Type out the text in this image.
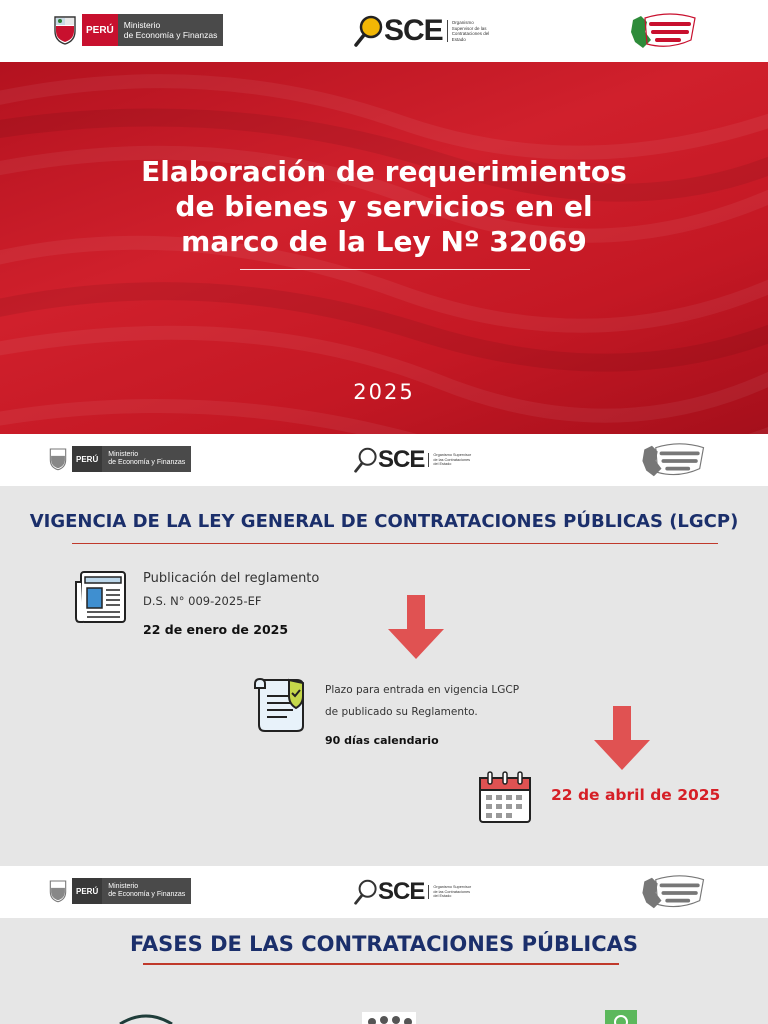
PERÚ	Ministerio
de Economía y Finanzas	SCE	Organismo Supervisor de las Contrataciones del Estado
Elaboración de requerimientos
de bienes y servicios en el
marco de la Ley Nº 32069
2025
PERÚ	Ministerio
de Economía y Finanzas	SCE	Organismo Supervisor de las Contrataciones del Estado
VIGENCIA DE LA LEY GENERAL DE CONTRATACIONES PÚBLICAS (LGCP)
Publicación del reglamento
D.S. N° 009-2025-EF
22 de enero de 2025
Plazo para entrada en vigencia LGCP
de publicado su Reglamento.
90 días calendario
22 de abril de 2025
PERÚ	Ministerio
de Economía y Finanzas	SCE	Organismo Supervisor de las Contrataciones del Estado
FASES DE LAS CONTRATACIONES PÚBLICAS
